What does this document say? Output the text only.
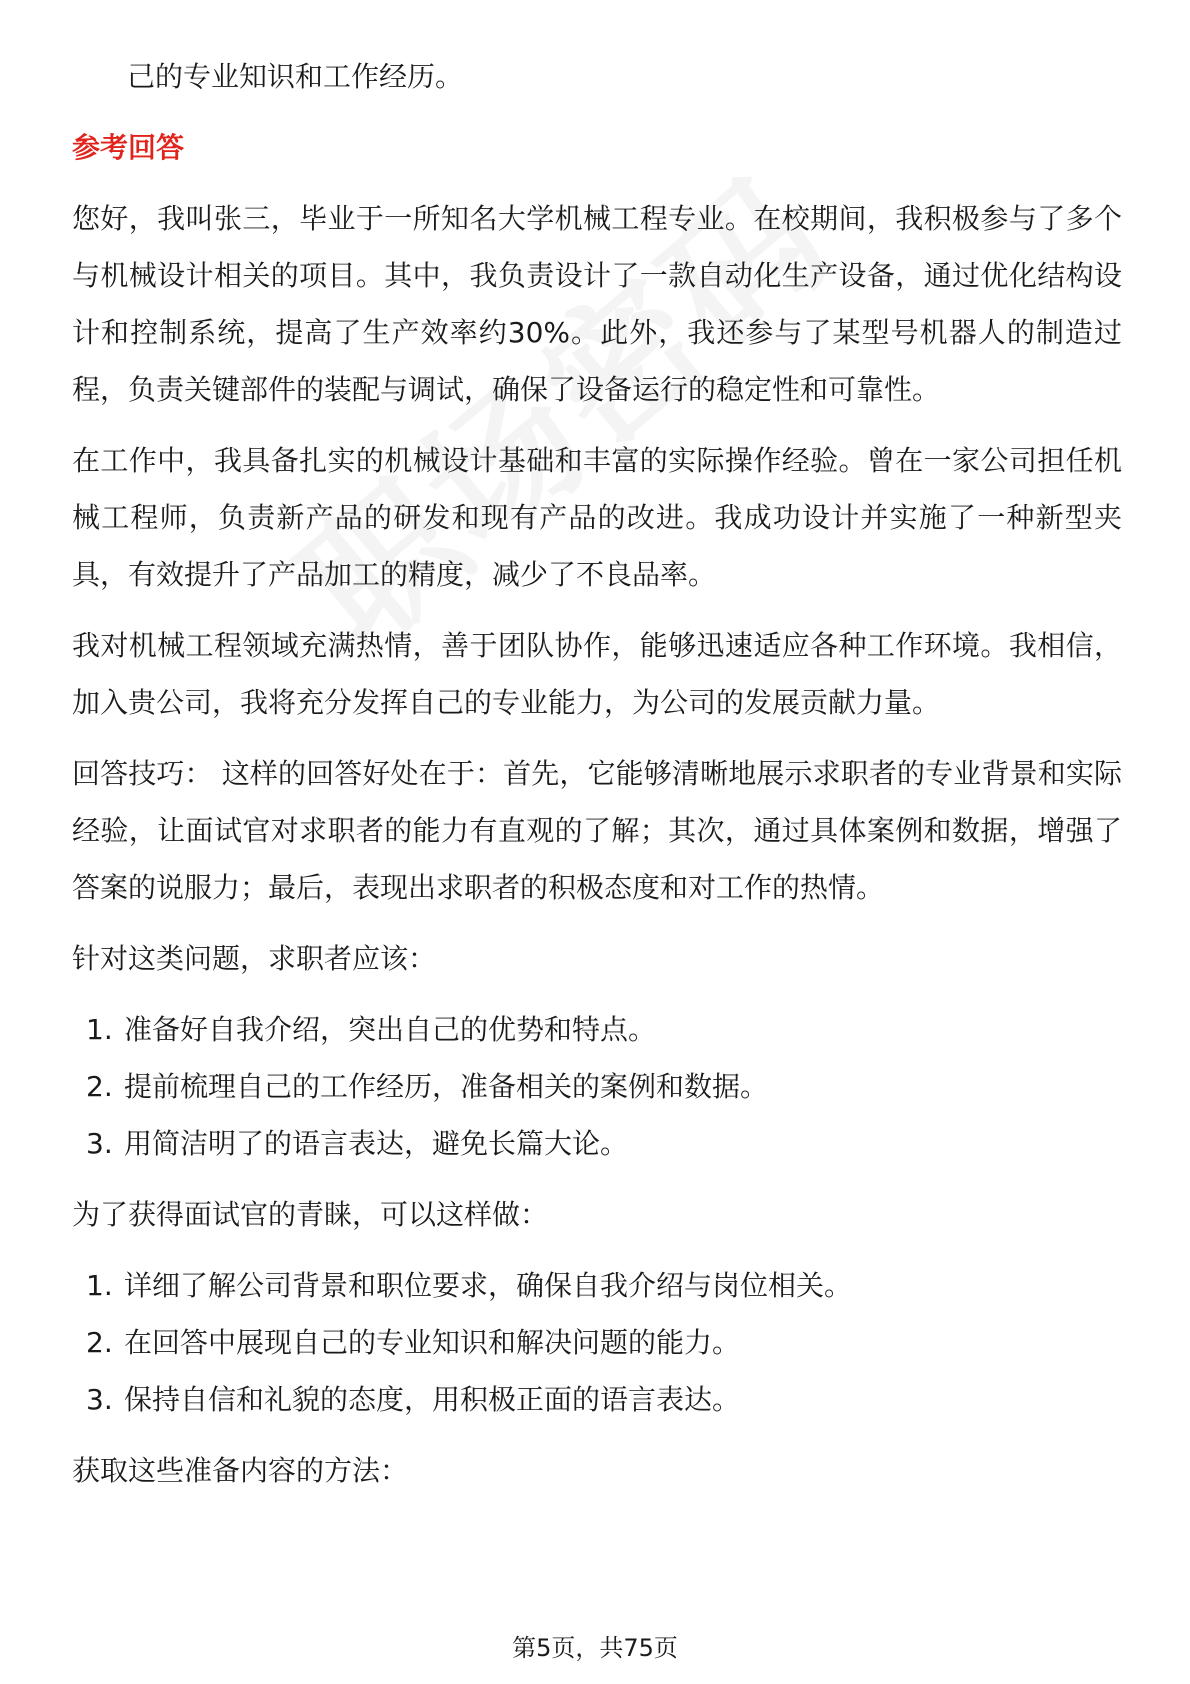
己的专业知识和工作经历。

参考回答

您好，我叫张三，毕业于一所知名大学机械工程专业。在校期间，我积极参与了多个与机械设计相关的项目。其中，我负责设计了一款自动化生产设备，通过优化结构设计和控制系统，提高了生产效率约30%。此外，我还参与了某型号机器人的制造过程，负责关键部件的装配与调试，确保了设备运行的稳定性和可靠性。

在工作中，我具备扎实的机械设计基础和丰富的实际操作经验。曾在一家公司担任机械工程师，负责新产品的研发和现有产品的改进。我成功设计并实施了一种新型夹具，有效提升了产品加工的精度，减少了不良品率。

我对机械工程领域充满热情，善于团队协作，能够迅速适应各种工作环境。我相信，加入贵公司，我将充分发挥自己的专业能力，为公司的发展贡献力量。

回答技巧： 这样的回答好处在于：首先，它能够清晰地展示求职者的专业背景和实际经验，让面试官对求职者的能力有直观的了解；其次，通过具体案例和数据，增强了答案的说服力；最后，表现出求职者的积极态度和对工作的热情。

针对这类问题，求职者应该：

1. 准备好自我介绍，突出自己的优势和特点。
2. 提前梳理自己的工作经历，准备相关的案例和数据。
3. 用简洁明了的语言表达，避免长篇大论。

为了获得面试官的青睐，可以这样做：

1. 详细了解公司背景和职位要求，确保自我介绍与岗位相关。
2. 在回答中展现自己的专业知识和解决问题的能力。
3. 保持自信和礼貌的态度，用积极正面的语言表达。

获取这些准备内容的方法：

第5页，共75页
